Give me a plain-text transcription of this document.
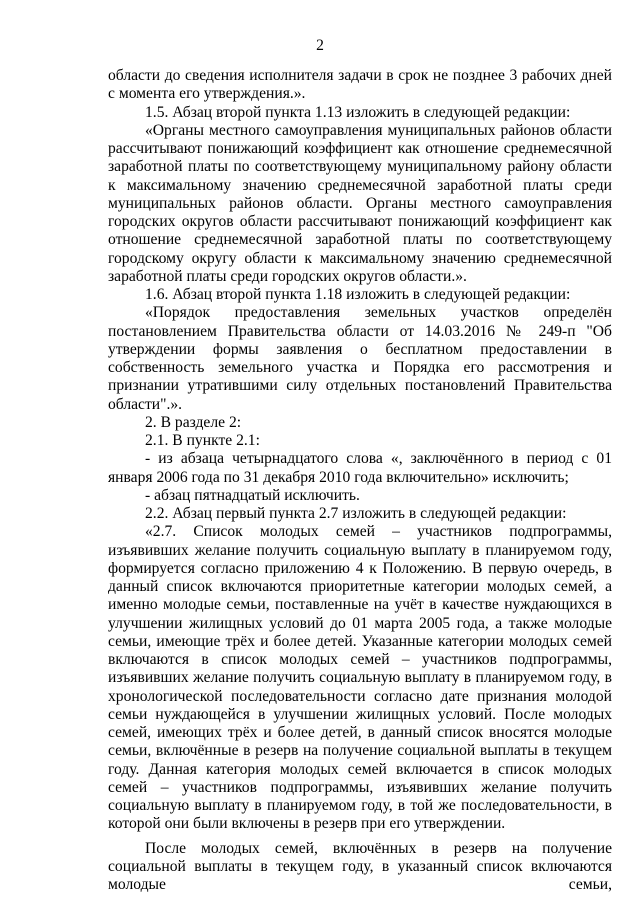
2

области до сведения исполнителя задачи в срок не позднее 3 рабочих дней с момента его утверждения.».

1.5. Абзац второй пункта 1.13 изложить в следующей редакции:

«Органы местного самоуправления муниципальных районов области рассчитывают понижающий коэффициент как отношение среднемесячной заработной платы по соответствующему муниципальному району области к максимальному значению среднемесячной заработной платы среди муниципальных районов области. Органы местного самоуправления городских округов области рассчитывают понижающий коэффициент как отношение среднемесячной заработной платы по соответствующему городскому округу области к максимальному значению среднемесячной заработной платы среди городских округов области.».

1.6. Абзац второй пункта 1.18 изложить в следующей редакции:

«Порядок предоставления земельных участков определён постановлением Правительства области от 14.03.2016 № 249-п "Об утверждении формы заявления о бесплатном предоставлении в собственность земельного участка и Порядка его рассмотрения и признании утратившими силу отдельных постановлений Правительства области".».

2. В разделе 2:

2.1. В пункте 2.1:

- из абзаца четырнадцатого слова «, заключённого в период с 01 января 2006 года по 31 декабря 2010 года включительно» исключить;

- абзац пятнадцатый исключить.

2.2. Абзац первый пункта 2.7 изложить в следующей редакции:

«2.7. Список молодых семей – участников подпрограммы, изъявивших желание получить социальную выплату в планируемом году, формируется согласно приложению 4 к Положению. В первую очередь, в данный список включаются приоритетные категории молодых семей, а именно молодые семьи, поставленные на учёт в качестве нуждающихся в улучшении жилищных условий до 01 марта 2005 года, а также молодые семьи, имеющие трёх и более детей. Указанные категории молодых семей включаются в список молодых семей – участников подпрограммы, изъявивших желание получить социальную выплату в планируемом году, в хронологической последовательности согласно дате признания молодой семьи нуждающейся в улучшении жилищных условий. После молодых семей, имеющих трёх и более детей, в данный список вносятся молодые семьи, включённые в резерв на получение социальной выплаты в текущем году. Данная категория молодых семей включается в список молодых семей – участников подпрограммы, изъявивших желание получить социальную выплату в планируемом году, в той же последовательности, в которой они были включены в резерв при его утверждении.

После молодых семей, включённых в резерв на получение социальной выплаты в текущем году, в указанный список включаются молодые семьи,
